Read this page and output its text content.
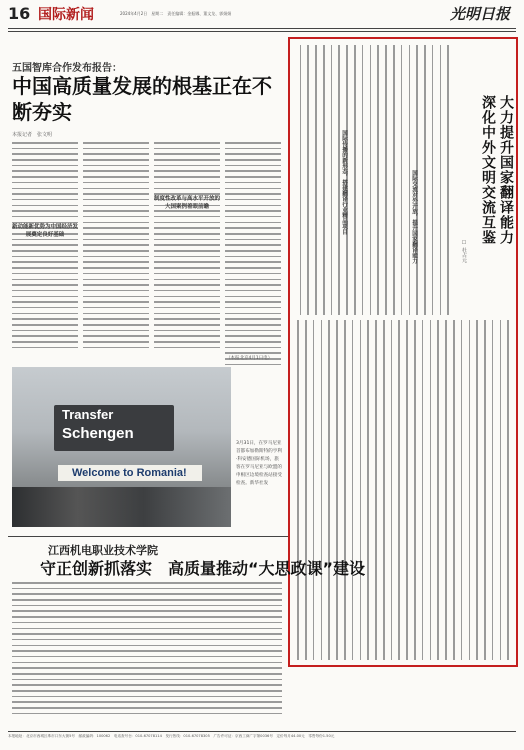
16 国际新闻	2024年4月2日　星期二　责任编辑：金振娜、董文龙、郭娟娟	光明日报
五国智库合作发布报告：
中国高质量发展的根基正在不断夯实
本报记者　张文明
新动能新优势为中国经济发展奠定良好基础
制度性改革与高水平开放的大国案例着眼前瞻
（本报北京4月1日电）
Transfer
Schengen
Welcome to Romania!
3月31日，在罗马尼亚首都布加勒斯特的亨利·科安德国际机场，旅客在罗马尼亚与欧盟的申根区边境检查站接受检查。新华社发
大力提升国家翻译能力
深化中外文明交流互鉴
☐ 杜占元
国际传播的新形态，搭建翻译行业精品项目	国际交流对外开放，提升国家翻译能力
江西机电职业技术学院
守正创新抓落实　高质量推动“大思政课”建设
本报地址：北京市西城区珠市口东大街5号　邮政编码：100062　电话查号台：010-67078114　发行热线：010-67078305　广告许可证：京西工商广字第0036号　定价每月44.00元　零售每份1.50元
